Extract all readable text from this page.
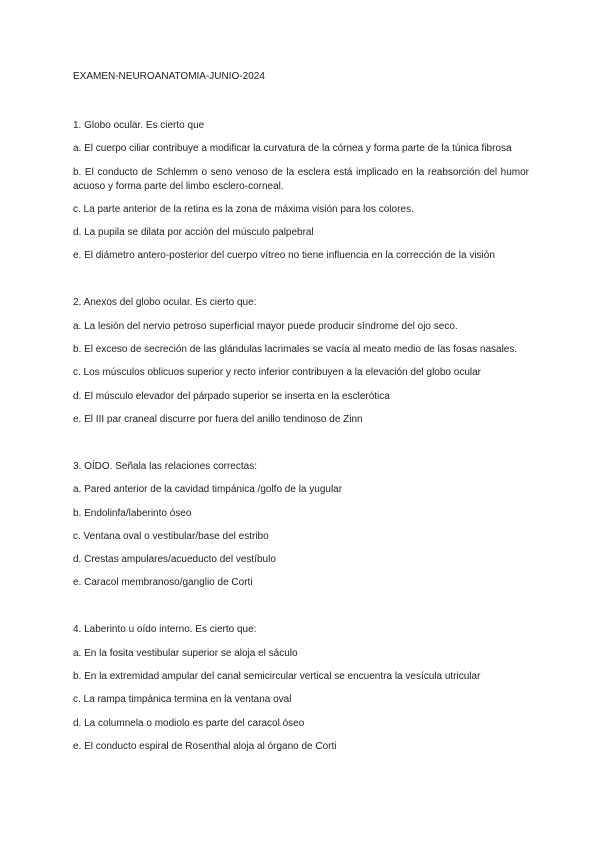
EXAMEN-NEUROANATOMIA-JUNIO-2024

1. Globo ocular. Es cierto que

a. El cuerpo ciliar contribuye a modificar la curvatura de la córnea y forma parte de la túnica fibrosa

b. El conducto de Schlemm o seno venoso de la esclera está implicado en la reabsorción del humor acuoso y forma parte del limbo esclero-corneal.

c. La parte anterior de la retina es la zona de máxima visión para los colores.

d. La pupila se dilata por acción del músculo palpebral

e. El diámetro antero-posterior del cuerpo vítreo no tiene influencia en la corrección de la visión

2. Anexos del globo ocular. Es cierto que:

a. La lesión del nervio petroso superficial mayor puede producir síndrome del ojo seco.

b. El exceso de secreción de las glándulas lacrimales se vacía al meato medio de las fosas nasales.

c. Los músculos oblicuos superior y recto inferior contribuyen a la elevación del globo ocular

d. El músculo elevador del párpado superior se inserta en la esclerótica

e. El III par craneal discurre por fuera del anillo tendinoso de Zinn

3. OÍDO. Señala las relaciones correctas:

a. Pared anterior de la cavidad timpánica /golfo de la yugular

b. Endolinfa/laberinto óseo

c. Ventana oval o vestibular/base del estribo

d. Crestas ampulares/acueducto del vestíbulo

e. Caracol membranoso/ganglio de Corti

4. Laberinto u oído interno. Es cierto que:

a. En la fosita vestibular superior se aloja el sáculo

b. En la extremidad ampular del canal semicircular vertical se encuentra la vesícula utricular

c. La rampa timpánica termina en la ventana oval

d. La columnela o modiolo es parte del caracol óseo

e. El conducto espiral de Rosenthal aloja al órgano de Corti
